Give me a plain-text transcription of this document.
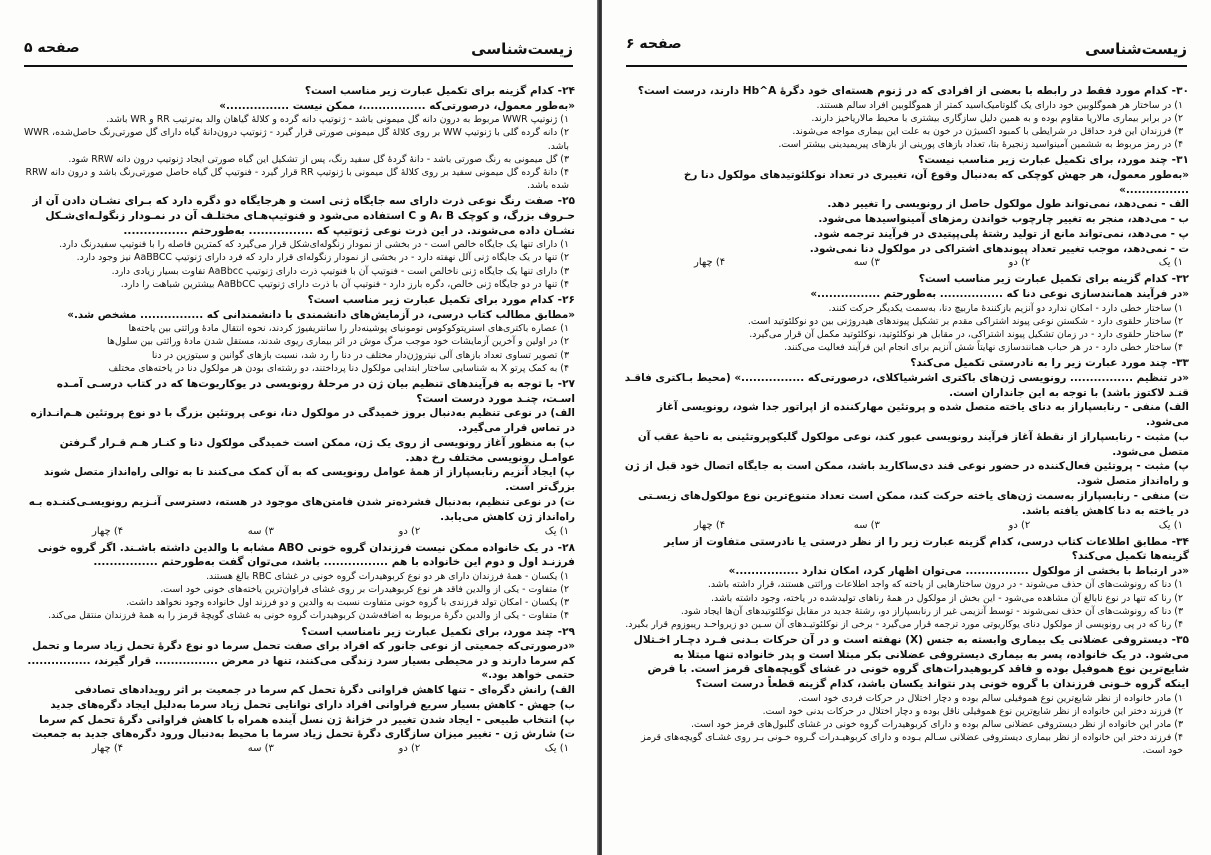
زیست‌شناسی
صفحه ۵
۲۴-کدام گزینه برای تکمیل عبارت زیر مناسب است؟
«به‌طور معمول، درصورتی‌که ................، ممکن نیست ................»
۱) ژنوتیپ WWR مربوط به درون دانه گل میمونی باشد - ژنوتیپ دانه گرده و کلالهٔ گیاهان والد به‌ترتیب RR و WR باشد.
۲) دانه گرده گلی با ژنوتیپ WW بر روی کلالهٔ گل میمونی صورتی قرار گیرد - ژنوتیپ درون‌دانهٔ گیاه دارای گل صورتی‌رنگ حاصل‌شده، WWR باشد.
۳) گل میمونی به رنگ صورتی باشد - دانهٔ گردهٔ گل سفید رنگ، پس از تشکیل این گیاه صورتی ایجاد ژنوتیپ درون دانه RRW شود.
۴) دانهٔ گرده گل میمونی سفید بر روی کلالهٔ گل میمونی با ژنوتیپ RR قرار گیرد - فنوتیپ گل گیاه حاصل صورتی‌رنگ باشد و درون دانه RRW شده باشد.
۲۵-صفت رنگ نوعی ذرت دارای سه جایگاه ژنی است و هرجایگاه دو دگره دارد که بـرای نشـان دادن آن از حـروف بزرگ، و کوچک A، B و C استفاده می‌شود و فنوتیپ‌هـای مختلـف آن در نمـودار زنگولـه‌ای‌شـکل نشـان داده می‌شوند. در این ذرت نوعی ژنوتیپ که ................ به‌طورحتم ................
۱) دارای تنها یک جایگاه خالص است - در بخشی از نمودار زنگوله‌ای‌شکل قرار می‌گیرد که کمترین فاصله را با فنوتیپ سفیدرنگ دارد.
۲) تنها در یک جایگاه ژنی آلل نهفته دارد - در بخشی از نمودار زنگوله‌ای قرار دارد که فرد دارای ژنوتیپ AaBBCC نیز وجود دارد.
۳) دارای تنها یک جایگاه ژنی ناخالص است - فنوتیپ آن با فنوتیپ ذرت دارای ژنوتیپ AaBbcc تفاوت بسیار زیادی دارد.
۴) تنها در دو جایگاه ژنی خالص، دگره بارز دارد - فنوتیپ آن با ذرت دارای ژنوتیپ AaBbCC بیشترین شباهت را دارد.
۲۶-کدام مورد برای تکمیل عبارت زیر مناسب است؟
«مطابق مطالب کتاب درسی، در آزمایش‌های دانشمندی با دانشمندانی که ................ مشخص شد.»
۱) عصاره باکتری‌های استرپتوکوکوس نومونیای پوشینه‌دار را سانتریفیوژ کردند، نحوه انتقال مادهٔ وراثتی بین یاخته‌ها
۲) در اولین و آخرین آزمایشات خود موجب مرگ موش در اثر بیماری ریوی شدند، مستقل شدن مادهٔ وراثتی بین سلول‌ها
۳) تصویر تساوی تعداد بازهای آلی نیتروژن‌دار مختلف در دنا را رد شد، نسبت بازهای گوانین و سیتوزین در دنا
۴) به کمک پرتو X به شناسایی ساختار ابتدایی مولکول دنا پرداختند، دو رشته‌ای بودن هر مولکول دنا در یاخته‌های مختلف
۲۷-با توجه به فرآیندهای تنظیم بیان ژن در مرحلهٔ رونویسی در یوکاریوت‌ها که در کتاب درسـی آمـده اسـت، چنـد مورد درست است؟
الف) در نوعی تنظیم به‌دنبال بروز خمیدگی در مولکول دنا، نوعی پروتئین بزرگ با دو نوع پروتئین هـم‌انـدازه در تماس قرار می‌گیرد.
ب) به منظور آغاز رونویسی از روی یک ژن، ممکن است خمیدگی مولکول دنا و کنـار هـم قـرار گـرفتن عوامـل رونویسی مختلف رخ دهد.
پ) ایجاد آنزیم رنابسپاراز از همهٔ عوامل رونویسی که به آن کمک می‌کنند تا به توالی راه‌انداز متصل شوند بزرگ‌تر است.
ت) در نوعی تنظیم، به‌دنبال فشرده‌تر شدن فامتن‌های موجود در هسته، دسترسی آنـزیم رونویسـی‌کننـده بـه راه‌انداز ژن کاهش می‌یابد.
۱) یک
۲) دو
۳) سه
۴) چهار
۲۸-در یک خانواده ممکن نیست فرزندان گروه خونی ABO مشابه با والدین داشته باشـند. اگر گروه خونی فرزنـد اول و دوم این خانواده با هم ................ باشد، می‌توان گفت به‌طورحتم ................
۱) یکسان - همهٔ فرزندان دارای هر دو نوع کربوهیدرات گروه خونی در غشای RBC بالغ هستند.
۲) متفاوت - یکی از والدین فاقد هر نوع کربوهیدرات بر روی غشای فراوان‌ترین یاخته‌های خونی خود است.
۳) یکسان - امکان تولد فرزندی با گروه خونی متفاوت نسبت به والدین و دو فرزند اول خانواده وجود نخواهد داشت.
۴) متفاوت - یکی از والدین دگرهٔ مربوط به اضافه‌شدن کربوهیدرات گروه خونی به غشای گویچهٔ قرمز را به همهٔ فرزندان منتقل می‌کند.
۲۹-چند مورد، برای تکمیل عبارت زیر نامناسب است؟
«درصورتی‌که جمعیتی از نوعی جانور که افراد برای صفت تحمل سرما دو نوع دگرهٔ تحمل زیاد سرما و تحمل کم سرما دارند و در محیطی بسیار سرد زندگی می‌کنند، تنها در معرض ................ قرار گیرند، ................ حتمی خواهد بود.»
الف) رانش دگره‌ای - تنها کاهش فراوانی دگرهٔ تحمل کم سرما در جمعیت بر اثر رویدادهای تصادفی
ب) جهش - کاهش بسیار سریع فراوانی افراد دارای توانایی تحمل زیاد سرما به‌دلیل ایجاد دگره‌های جدید
پ) انتخاب طبیعی - ایجاد شدن تغییر در خزانهٔ ژن نسل آینده همراه با کاهش فراوانی دگرهٔ تحمل کم سرما
ت) شارش ژن - تغییر میزان سازگاری دگرهٔ تحمل زیاد سرما با محیط به‌دنبال ورود دگره‌های جدید به جمعیت
۱) یک
۲) دو
۳) سه
۴) چهار
زیست‌شناسی
صفحه ۶
۳۰-کدام مورد فقط در رابطه با بعضی از افرادی که در ژنوم هسته‌ای خود دگرهٔ Hb^A دارند، درست است؟
۱) در ساختار هر هموگلوبین خود دارای یک گلوتامیک‌اسید کمتر از هموگلوبین افراد سالم هستند.
۲) در برابر بیماری مالاریا مقاوم بوده و به همین دلیل سازگاری بیشتری با محیط مالاریاخیز دارند.
۳) فرزندان این فرد حداقل در شرایطی با کمبود اکسیژن در خون به علت این بیماری مواجه می‌شوند.
۴) در رمز مربوط به ششمین آمینواسید زنجیرهٔ بتا، تعداد بازهای پورینی از بازهای پیریمیدینی بیشتر است.
۳۱-چند مورد، برای تکمیل عبارت زیر مناسب نیست؟
«به‌طور معمول، هر جهش کوچکی که به‌دنبال وقوع آن، تغییری در تعداد نوکلئوتیدهای مولکول دنا رخ ................»
الف - نمی‌دهد، نمی‌تواند طول مولکول حاصل از رونویسی را تغییر دهد.
ب - می‌دهد، منجر به تغییر چارچوب خواندن رمزهای آمینواسیدها می‌شود.
پ - می‌دهد، نمی‌تواند مانع از تولید رشتهٔ پلی‌پپتیدی در فرآیند ترجمه شود.
ت - نمی‌دهد، موجب تغییر تعداد پیوندهای اشتراکی در مولکول دنا نمی‌شود.
۱) یک
۲) دو
۳) سه
۴) چهار
۳۲-کدام گزینه برای تکمیل عبارت زیر مناسب است؟
«در فرآیند همانندسازی نوعی دنا که ................ به‌طورحتم ................»
۱) ساختار خطی دارد - امکان ندارد دو آنزیم بازکنندهٔ ماربیچ دنا، به‌سمت یکدیگر حرکت کنند.
۲) ساختار حلقوی دارد - شکستن نوعی پیوند اشتراکی مقدم بر تشکیل پیوندهای هیدروژنی بین دو نوکلئوتید است.
۳) ساختار حلقوی دارد - در زمان تشکیل پیوند اشتراکی، در مقابل هر نوکلئوتید، نوکلئوتید مکمل آن قرار می‌گیرد.
۴) ساختار خطی دارد - در هر حباب همانندسازی نهایتاً شش آنزیم برای انجام این فرآیند فعالیت می‌کنند.
۳۳-چند مورد عبارت زیر را به نادرستی تکمیل می‌کند؟
«در تنظیم ................ رونویسی ژن‌های باکتری اشرشیاکلای، درصورتی‌که ................» (محیط بـاکتری فاقـد قنـد لاکتوز باشد) با توجه به این جانداران است.
الف) منفی - رنابسپاراز به دنای یاخته متصل شده و پروتئین مهارکننده از اپراتور جدا شود، رونویسی آغاز می‌شود.
ب) مثبت - رنابسپاراز از نقطهٔ آغاز فرآیند رونویسی عبور کند، نوعی مولکول گلیکوپروتئینی به ناحیهٔ عقب آن متصل می‌شود.
پ) مثبت - پروتئین فعال‌کننده در حضور نوعی قند دی‌ساکارید باشد، ممکن است به جایگاه اتصال خود قبل از ژن و راه‌انداز متصل شود.
ت) منفی - رنابسپاراز به‌سمت ژن‌های یاخته حرکت کند، ممکن است تعداد متنوع‌ترین نوع مولکول‌های زیسـتی در یاخته به دنا کاهش یافته باشد.
۱) یک
۲) دو
۳) سه
۴) چهار
۳۴-مطابق اطلاعات کتاب درسی، کدام گزینه عبارت زیر را از نظر درستی یا نادرستی متفاوت از سایر گزینه‌ها تکمیل می‌کند؟
«در ارتباط با بخشی از مولکول ................ می‌توان اظهار کرد، امکان ندارد ................»
۱) دنا که رونوشت‌های آن حذف می‌شوند - در درون ساختارهایی از یاخته که واجد اطلاعات وراثتی هستند، قرار داشته باشد.
۲) رنا که تنها در نوع نابالغ آن مشاهده می‌شود - این بخش از مولکول در همهٔ رناهای تولیدشده در یاخته، وجود داشته باشد.
۳) دنا که رونوشت‌های آن حذف نمی‌شوند - توسط آنزیمی غیر از رنابسپاراز دو، رشتهٔ جدید در مقابل نوکلئوتیدهای آن‌ها ایجاد شود.
۴) رنا که در پی رونویسی از مولکول دنای یوکاریوتی مورد ترجمه قرار می‌گیرد - برخی از نوکلئوتیـدهای آن سـین دو زیرواحـد ریبوزوم قرار بگیرد.
۳۵-دیستروفی عضلانی یک بیماری وابسته به جنس (X) نهفته است و در آن حرکات بـدنی فـرد دچـار اخـتلال می‌شود. در یک خانواده، پسر به بیماری دیستروفی عضلانی بکر مبتلا است و پدر خانواده تنها مبتلا به شایع‌ترین نوع هموفیل بوده و فاقد کربوهیدرات‌های گروه خونی در غشای گویچه‌های قرمز است. با فرض اینکه گروه خـونی فرزندان با گروه خونی پدر نتواند یکسان باشد، کدام گزینه قطعاً درست است؟
۱) مادر خانواده از نظر شایع‌ترین نوع هموفیلی سالم بوده و دچار اختلال در حرکات فردی خود است.
۲) فرزند دختر این خانواده از نظر شایع‌ترین نوع هموفیلی ناقل بوده و دچار اختلال در حرکات بدنی خود است.
۳) مادر این خانواده از نظر دیستروفی عضلانی سالم بوده و دارای کربوهیدرات گروه خونی در غشای گلبول‌های قرمز خود است.
۴) فرزند دختر این خانواده از نظر بیماری دیستروفی عضلانی سـالم بـوده و دارای کربوهیـدرات گـروه خـونی بـر روی غشـای گویچه‌های قرمز خود است.
